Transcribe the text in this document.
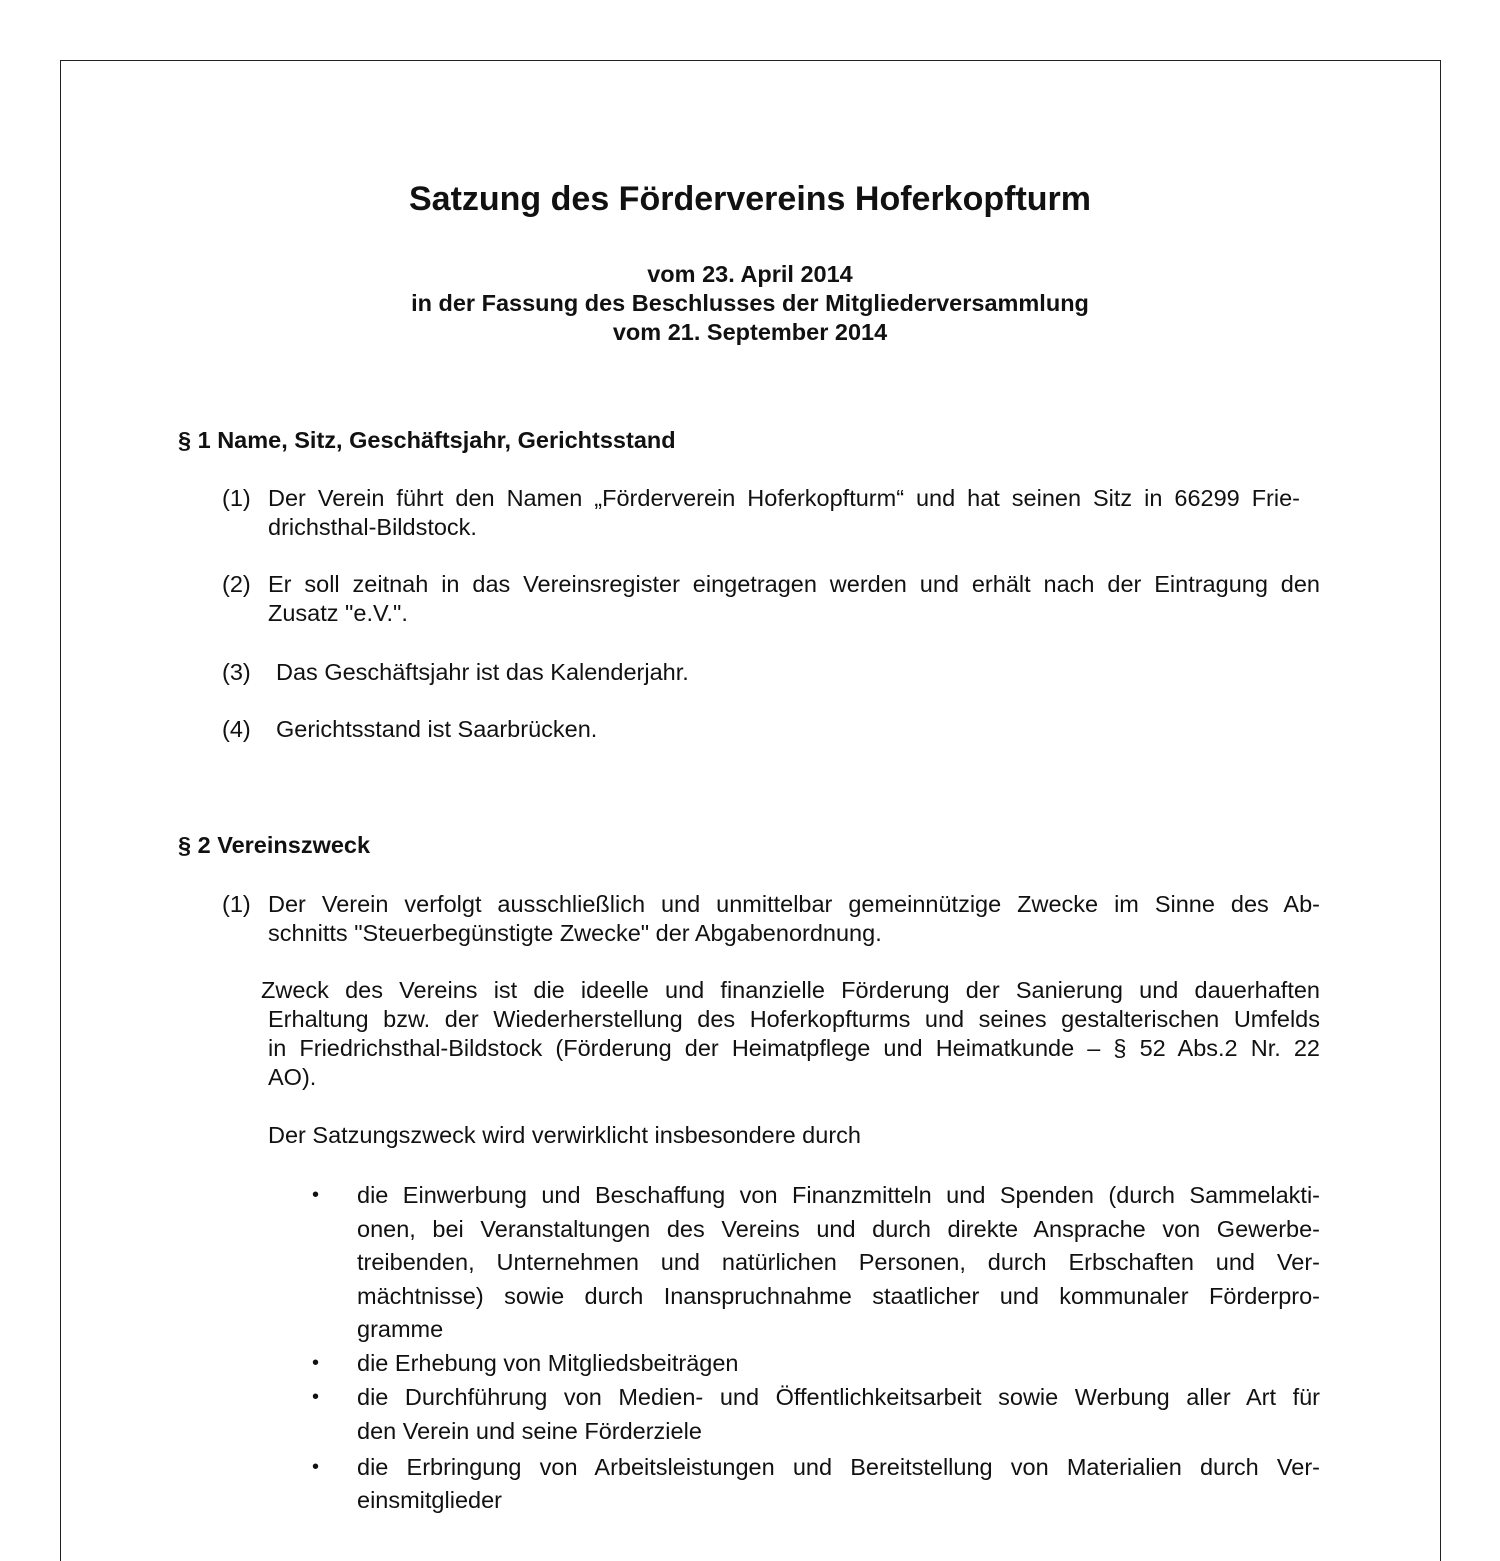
Satzung des Fördervereins Hoferkopfturm
vom 23. April 2014
in der Fassung des Beschlusses der Mitgliederversammlung
vom 21. September 2014
§ 1 Name, Sitz, Geschäftsjahr, Gerichtsstand
(1) Der Verein führt den Namen „Förderverein Hoferkopfturm“ und hat seinen Sitz in 66299 Frie-
drichsthal-Bildstock.
(2) Er soll zeitnah in das Vereinsregister eingetragen werden und erhält nach der Eintragung den
Zusatz "e.V.".
(3) Das Geschäftsjahr ist das Kalenderjahr.
(4) Gerichtsstand ist Saarbrücken.
§ 2 Vereinszweck
(1) Der Verein verfolgt ausschließlich und unmittelbar gemeinnützige Zwecke im Sinne des Ab-
schnitts "Steuerbegünstigte Zwecke" der Abgabenordnung.
Zweck des Vereins ist die ideelle und finanzielle Förderung der Sanierung und dauerhaften
Erhaltung bzw. der Wiederherstellung des Hoferkopfturms und seines gestalterischen Umfelds
in Friedrichsthal-Bildstock (Förderung der Heimatpflege und Heimatkunde – § 52 Abs.2 Nr. 22
AO).
Der Satzungszweck wird verwirklicht insbesondere durch
• die Einwerbung und Beschaffung von Finanzmitteln und Spenden (durch Sammelakti-
onen, bei Veranstaltungen des Vereins und durch direkte Ansprache von Gewerbe-
treibenden, Unternehmen und natürlichen Personen, durch Erbschaften und Ver-
mächtnisse) sowie durch Inanspruchnahme staatlicher und kommunaler Förderpro-
gramme
• die Erhebung von Mitgliedsbeiträgen
• die Durchführung von Medien- und Öffentlichkeitsarbeit sowie Werbung aller Art für
den Verein und seine Förderziele
• die Erbringung von Arbeitsleistungen und Bereitstellung von Materialien durch Ver-
einsmitglieder
